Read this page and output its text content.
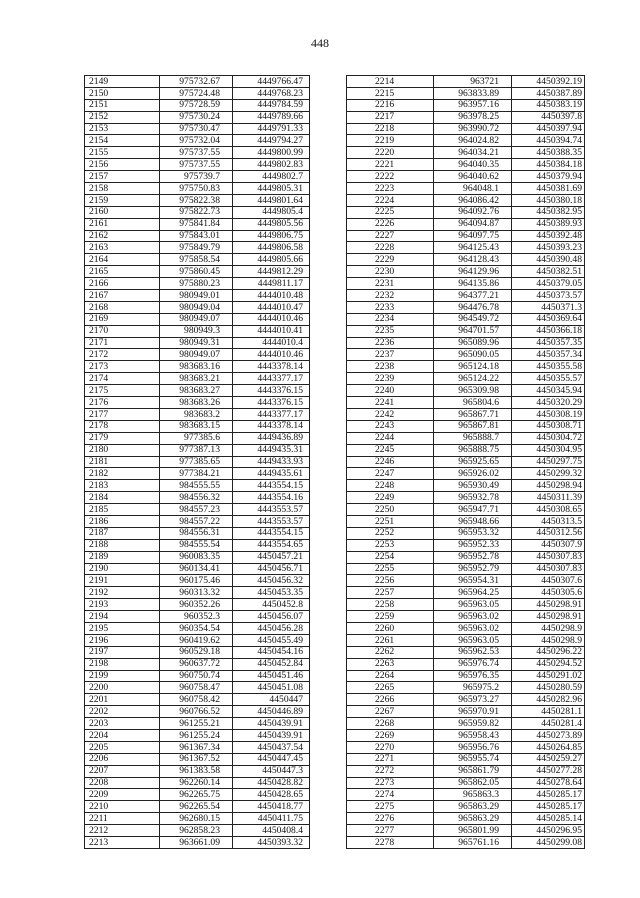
448
2149	975732.67	4449766.47
2150	975724.48	4449768.23
2151	975728.59	4449784.59
2152	975730.24	4449789.66
2153	975730.47	4449791.33
2154	975732.04	4449794.27
2155	975737.55	4449800.99
2156	975737.55	4449802.83
2157	975739.7	4449802.7
2158	975750.83	4449805.31
2159	975822.38	4449801.64
2160	975822.73	4449805.4
2161	975841.84	4449805.56
2162	975843.01	4449806.75
2163	975849.79	4449806.58
2164	975858.54	4449805.66
2165	975860.45	4449812.29
2166	975880.23	4449811.17
2167	980949.01	4444010.48
2168	980949.04	4444010.47
2169	980949.07	4444010.46
2170	980949.3	4444010.41
2171	980949.31	4444010.4
2172	980949.07	4444010.46
2173	983683.16	4443378.14
2174	983683.21	4443377.17
2175	983683.27	4443376.15
2176	983683.26	4443376.15
2177	983683.2	4443377.17
2178	983683.15	4443378.14
2179	977385.6	4449436.89
2180	977387.13	4449435.31
2181	977385.65	4449433.93
2182	977384.21	4449435.61
2183	984555.55	4443554.15
2184	984556.32	4443554.16
2185	984557.23	4443553.57
2186	984557.22	4443553.57
2187	984556.31	4443554.15
2188	984555.54	4443554.65
2189	960083.35	4450457.21
2190	960134.41	4450456.71
2191	960175.46	4450456.32
2192	960313.32	4450453.35
2193	960352.26	4450452.8
2194	960352.3	4450456.07
2195	960354.54	4450456.28
2196	960419.62	4450455.49
2197	960529.18	4450454.16
2198	960637.72	4450452.84
2199	960750.74	4450451.46
2200	960758.47	4450451.08
2201	960758.42	4450447
2202	960766.52	4450446.89
2203	961255.21	4450439.91
2204	961255.24	4450439.91
2205	961367.34	4450437.54
2206	961367.52	4450447.45
2207	961383.58	4450447.3
2208	962260.14	4450428.82
2209	962265.75	4450428.65
2210	962265.54	4450418.77
2211	962680.15	4450411.75
2212	962858.23	4450408.4
2213	963661.09	4450393.32
2214	963721	4450392.19
2215	963833.89	4450387.89
2216	963957.16	4450383.19
2217	963978.25	4450397.8
2218	963990.72	4450397.94
2219	964024.82	4450394.74
2220	964034.21	4450388.35
2221	964040.35	4450384.18
2222	964040.62	4450379.94
2223	964048.1	4450381.69
2224	964086.42	4450380.18
2225	964092.76	4450382.95
2226	964094.87	4450389.93
2227	964097.75	4450392.48
2228	964125.43	4450393.23
2229	964128.43	4450390.48
2230	964129.96	4450382.51
2231	964135.86	4450379.05
2232	964377.21	4450373.57
2233	964476.78	4450371.3
2234	964549.72	4450369.64
2235	964701.57	4450366.18
2236	965089.96	4450357.35
2237	965090.05	4450357.34
2238	965124.18	4450355.58
2239	965124.22	4450355.57
2240	965309.98	4450345.94
2241	965804.6	4450320.29
2242	965867.71	4450308.19
2243	965867.81	4450308.71
2244	965888.7	4450304.72
2245	965888.75	4450304.95
2246	965925.65	4450297.75
2247	965926.02	4450299.32
2248	965930.49	4450298.94
2249	965932.78	4450311.39
2250	965947.71	4450308.65
2251	965948.66	4450313.5
2252	965953.32	4450312.56
2253	965952.33	4450307.9
2254	965952.78	4450307.83
2255	965952.79	4450307.83
2256	965954.31	4450307.6
2257	965964.25	4450305.6
2258	965963.05	4450298.91
2259	965963.02	4450298.91
2260	965963.02	4450298.9
2261	965963.05	4450298.9
2262	965962.53	4450296.22
2263	965976.74	4450294.52
2264	965976.35	4450291.02
2265	965975.2	4450280.59
2266	965973.27	4450282.96
2267	965970.91	4450281.1
2268	965959.82	4450281.4
2269	965958.43	4450273.89
2270	965956.76	4450264.85
2271	965955.74	4450259.27
2272	965861.79	4450277.28
2273	965862.05	4450278.64
2274	965863.3	4450285.17
2275	965863.29	4450285.17
2276	965863.29	4450285.14
2277	965801.99	4450296.95
2278	965761.16	4450299.08
